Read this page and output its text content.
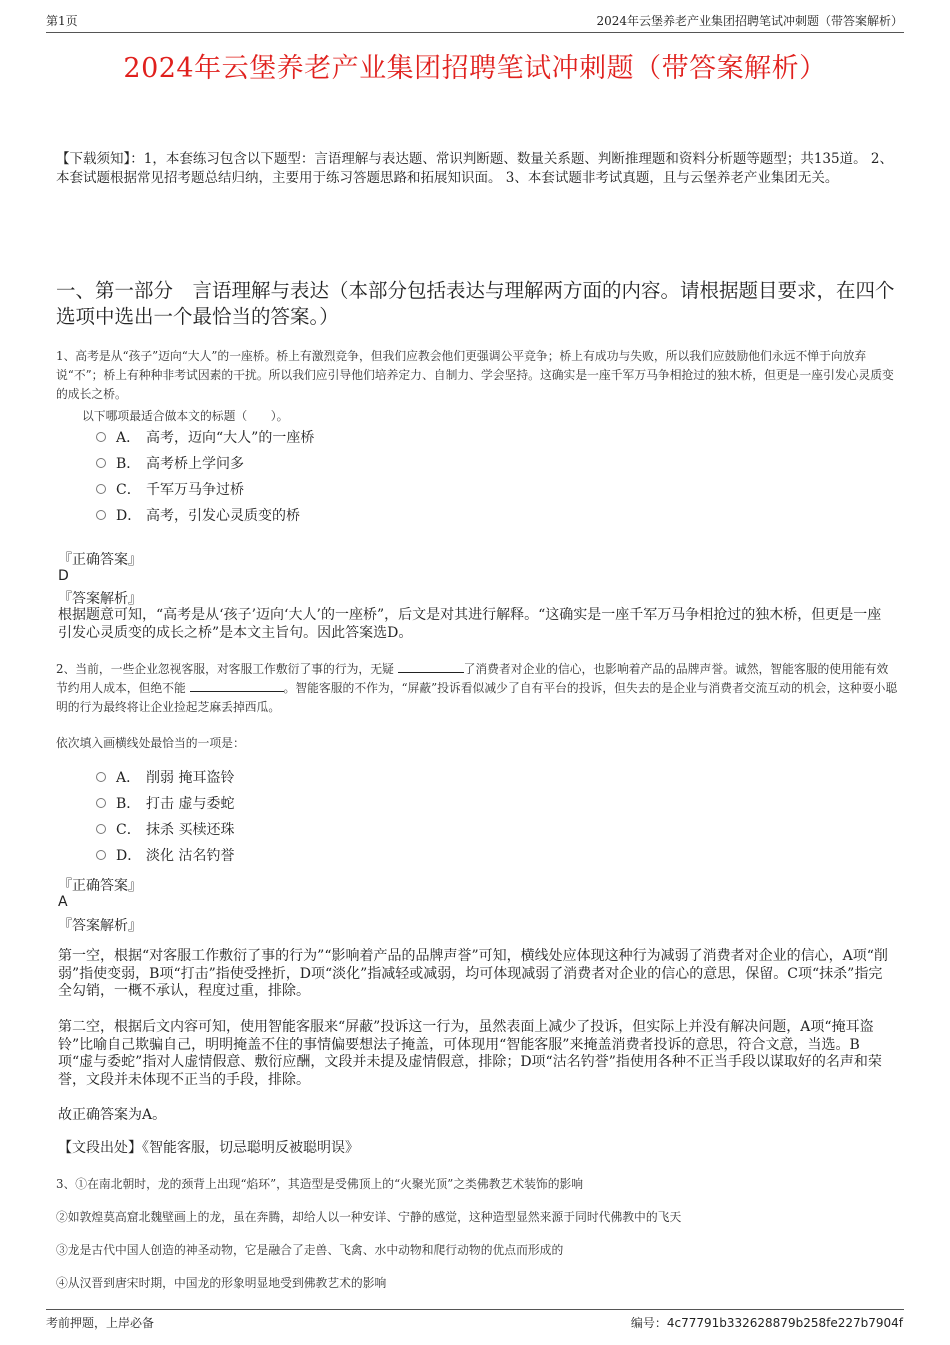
第1页	2024年云堡养老产业集团招聘笔试冲刺题（带答案解析）
2024年云堡养老产业集团招聘笔试冲刺题（带答案解析）
【下载须知】：1，本套练习包含以下题型：言语理解与表达题、常识判断题、数量关系题、判断推理题和资料分析题等题型；共135道。 2、本套试题根据常见招考题总结归纳，主要用于练习答题思路和拓展知识面。 3、本套试题非考试真题，且与云堡养老产业集团无关。
一、第一部分　言语理解与表达（本部分包括表达与理解两方面的内容。请根据题目要求，在四个选项中选出一个最恰当的答案。）
1、高考是从“孩子”迈向“大人”的一座桥。桥上有激烈竞争，但我们应教会他们更强调公平竞争；桥上有成功与失败，所以我们应鼓励他们永远不惮于向放弃说“不”；桥上有种种非考试因素的干扰。所以我们应引导他们培养定力、自制力、学会坚持。这确实是一座千军万马争相抢过的独木桥，但更是一座引发心灵质变的成长之桥。
以下哪项最适合做本文的标题（　　）。
A． 高考，迈向“大人”的一座桥
B． 高考桥上学问多
C． 千军万马争过桥
D． 高考，引发心灵质变的桥
『正确答案』
D
『答案解析』
根据题意可知，“高考是从‘孩子’迈向‘大人’的一座桥”，后文是对其进行解释。“这确实是一座千军万马争相抢过的独木桥，但更是一座引发心灵质变的成长之桥”是本文主旨句。因此答案选D。
2、当前，一些企业忽视客服，对客服工作敷衍了事的行为，无疑	了消费者对企业的信心，也影响着产品的品牌声誉。诚然，智能客服的使用能有效节约用人成本，但绝不能	。智能客服的不作为，“屏蔽”投诉看似减少了自有平台的投诉，但失去的是企业与消费者交流互动的机会，这种耍小聪明的行为最终将让企业捡起芝麻丢掉西瓜。
依次填入画横线处最恰当的一项是：
A． 削弱 掩耳盗铃
B． 打击 虚与委蛇
C． 抹杀 买椟还珠
D． 淡化 沽名钓誉
『正确答案』
A
『答案解析』
第一空，根据“对客服工作敷衍了事的行为”“影响着产品的品牌声誉”可知，横线处应体现这种行为减弱了消费者对企业的信心，A项“削弱”指使变弱，B项“打击”指使受挫折，D项“淡化”指减轻或减弱，均可体现减弱了消费者对企业的信心的意思，保留。C项“抹杀”指完全勾销，一概不承认，程度过重，排除。
第二空，根据后文内容可知，使用智能客服来“屏蔽”投诉这一行为，虽然表面上减少了投诉，但实际上并没有解决问题，A项“掩耳盗铃”比喻自己欺骗自己，明明掩盖不住的事情偏要想法子掩盖，可体现用“智能客服”来掩盖消费者投诉的意思，符合文意，当选。B项“虚与委蛇”指对人虚情假意、敷衍应酬，文段并未提及虚情假意，排除；D项“沽名钓誉”指使用各种不正当手段以谋取好的名声和荣誉，文段并未体现不正当的手段，排除。
故正确答案为A。
【文段出处】《智能客服，切忌聪明反被聪明误》
3、①在南北朝时，龙的颈背上出现“焰环”，其造型是受佛顶上的“火聚光顶”之类佛教艺术装饰的影响
②如敦煌莫高窟北魏壁画上的龙，虽在奔腾，却给人以一种安详、宁静的感觉，这种造型显然来源于同时代佛教中的飞天
③龙是古代中国人创造的神圣动物，它是融合了走兽、飞禽、水中动物和爬行动物的优点而形成的
④从汉晋到唐宋时期，中国龙的形象明显地受到佛教艺术的影响
考前押题，上岸必备	编号：4c77791b332628879b258fe227b7904f
